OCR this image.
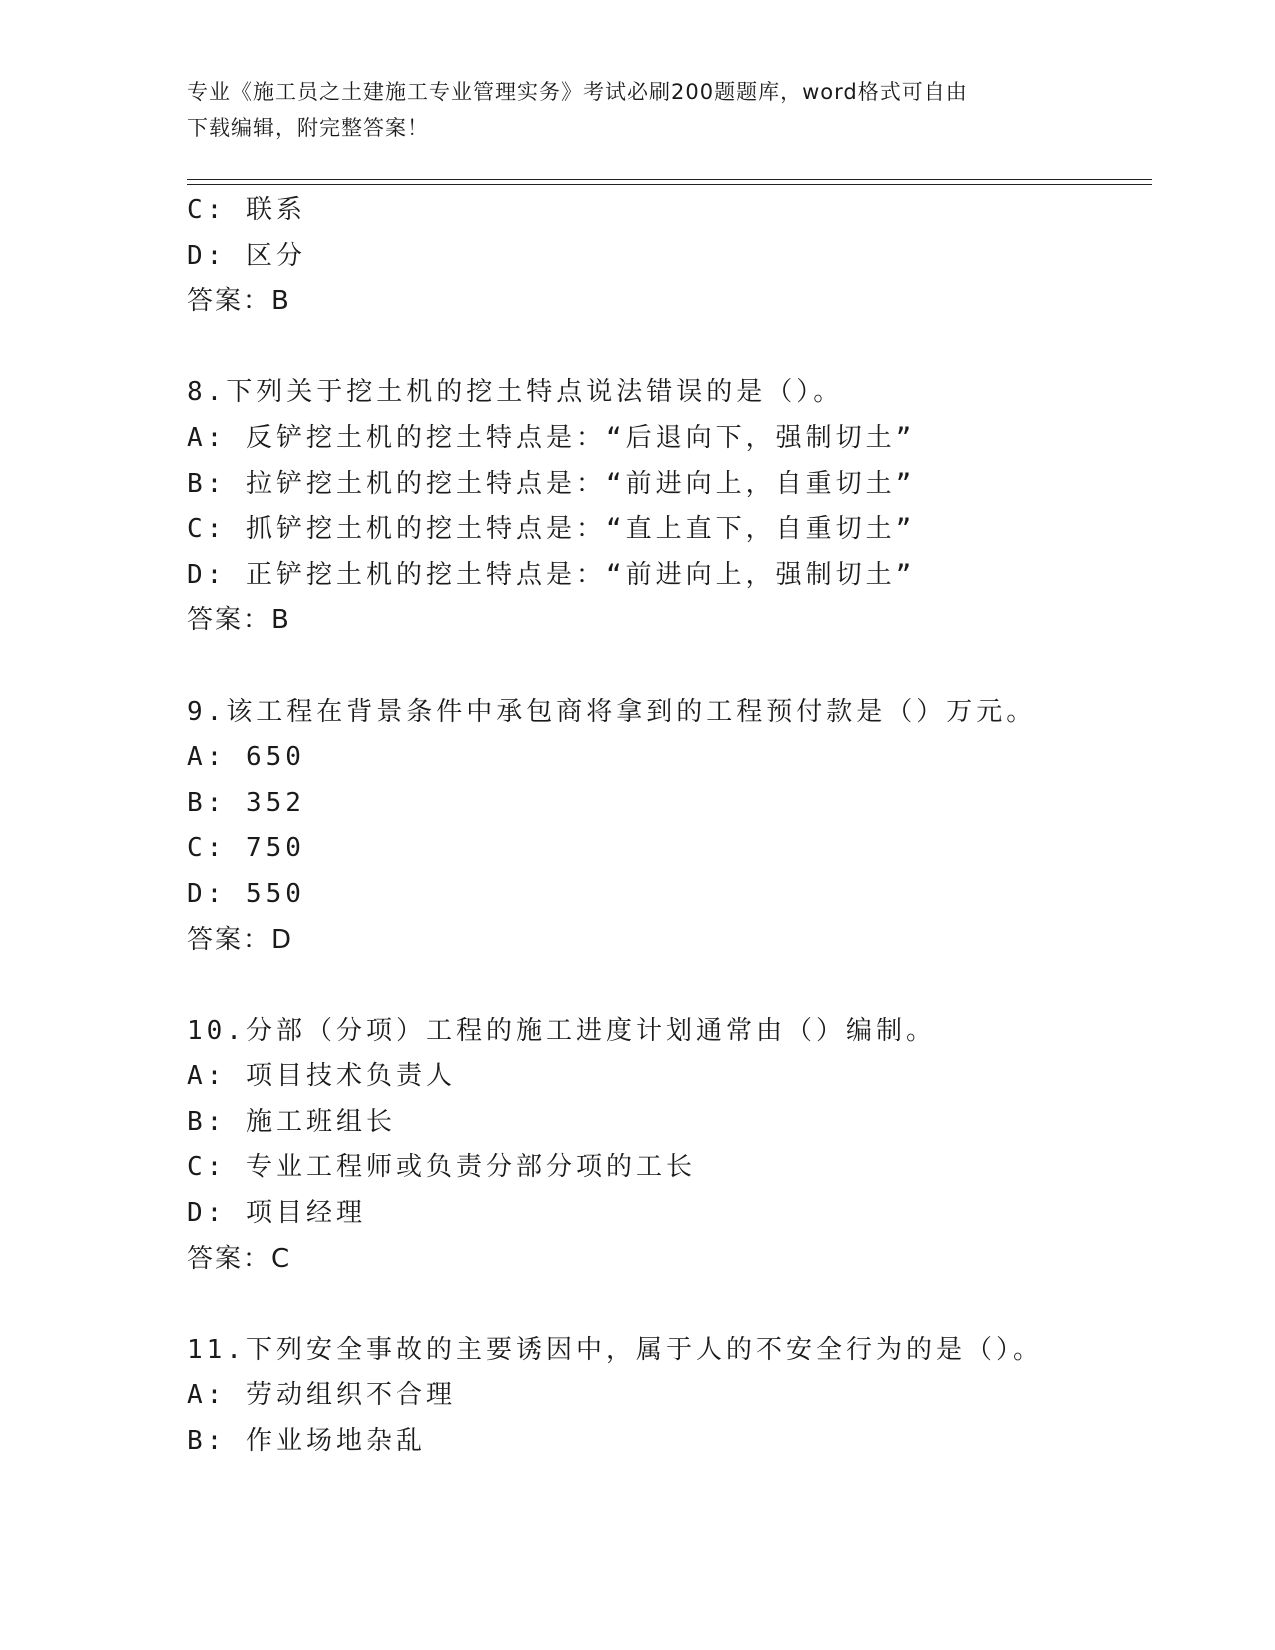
专业《施工员之土建施工专业管理实务》考试必刷200题题库，word格式可自由
下载编辑，附完整答案！
C: 联系
D: 区分
答案：B
8.下列关于挖土机的挖土特点说法错误的是（）。
A: 反铲挖土机的挖土特点是：“后退向下，强制切土”
B: 拉铲挖土机的挖土特点是：“前进向上，自重切土”
C: 抓铲挖土机的挖土特点是：“直上直下，自重切土”
D: 正铲挖土机的挖土特点是：“前进向上，强制切土”
答案：B
9.该工程在背景条件中承包商将拿到的工程预付款是（）万元。
A: 650
B: 352
C: 750
D: 550
答案：D
10.分部（分项）工程的施工进度计划通常由（）编制。
A: 项目技术负责人
B: 施工班组长
C: 专业工程师或负责分部分项的工长
D: 项目经理
答案：C
11.下列安全事故的主要诱因中，属于人的不安全行为的是（）。
A: 劳动组织不合理
B: 作业场地杂乱
